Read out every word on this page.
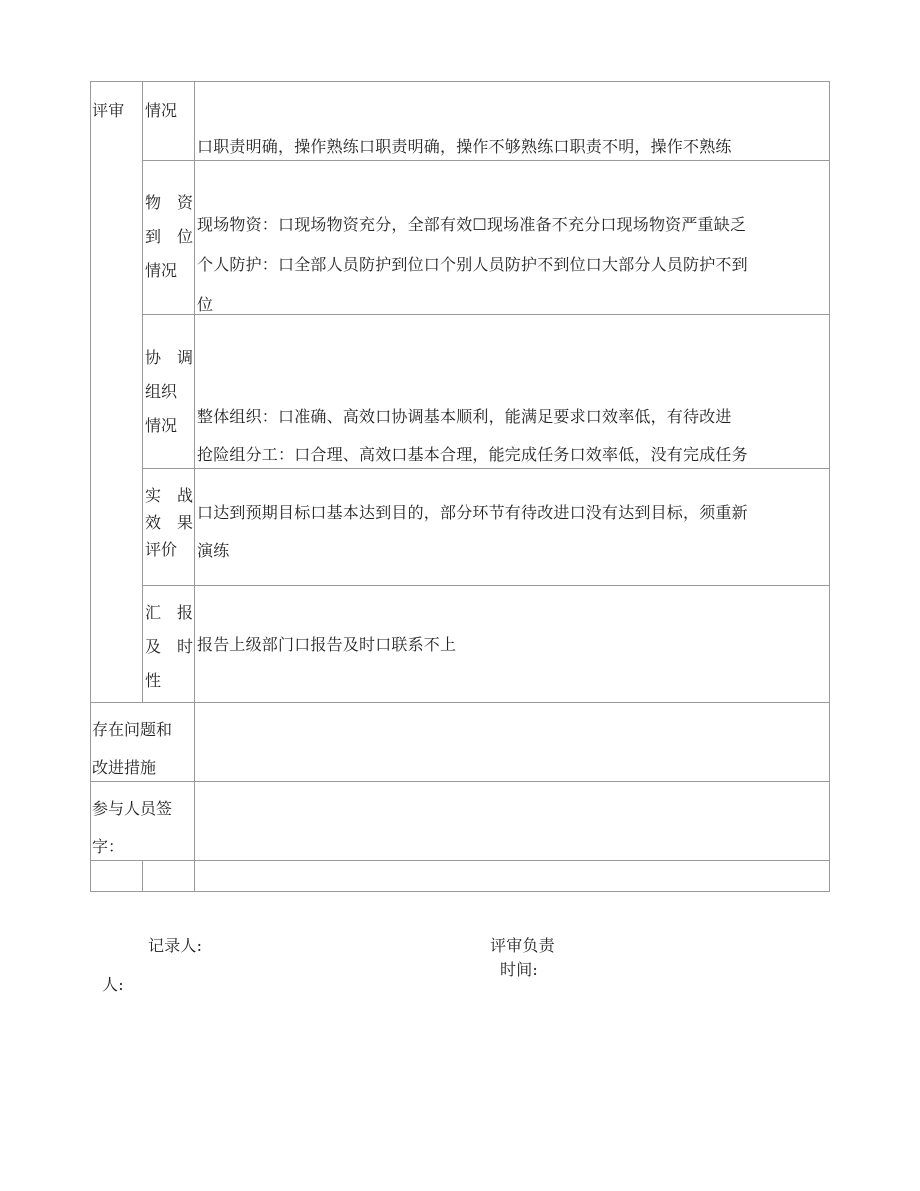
评审 情况
口职责明确，操作熟练口职责明确，操作不够熟练口职责不明，操作不熟练
物　资
到　位
情况
现场物资：口现场物资充分，全部有效☐现场准备不充分口现场物资严重缺乏
个人防护：口全部人员防护到位口个别人员防护不到位口大部分人员防护不到
位
协　调
组织
情况	整体组织：口准确、高效口协调基本顺利，能满足要求口效率低，有待改进
抢险组分工：口合理、高效口基本合理，能完成任务口效率低，没有完成任务
实　战
效　果
评价
口达到预期目标口基本达到目的，部分环节有待改进口没有达到目标，须重新
演练
汇　报
及　时
性
报告上级部门口报告及时口联系不上
存在问题和
改进措施
参与人员签
字：
记录人:	评审负责
时间:
人:
